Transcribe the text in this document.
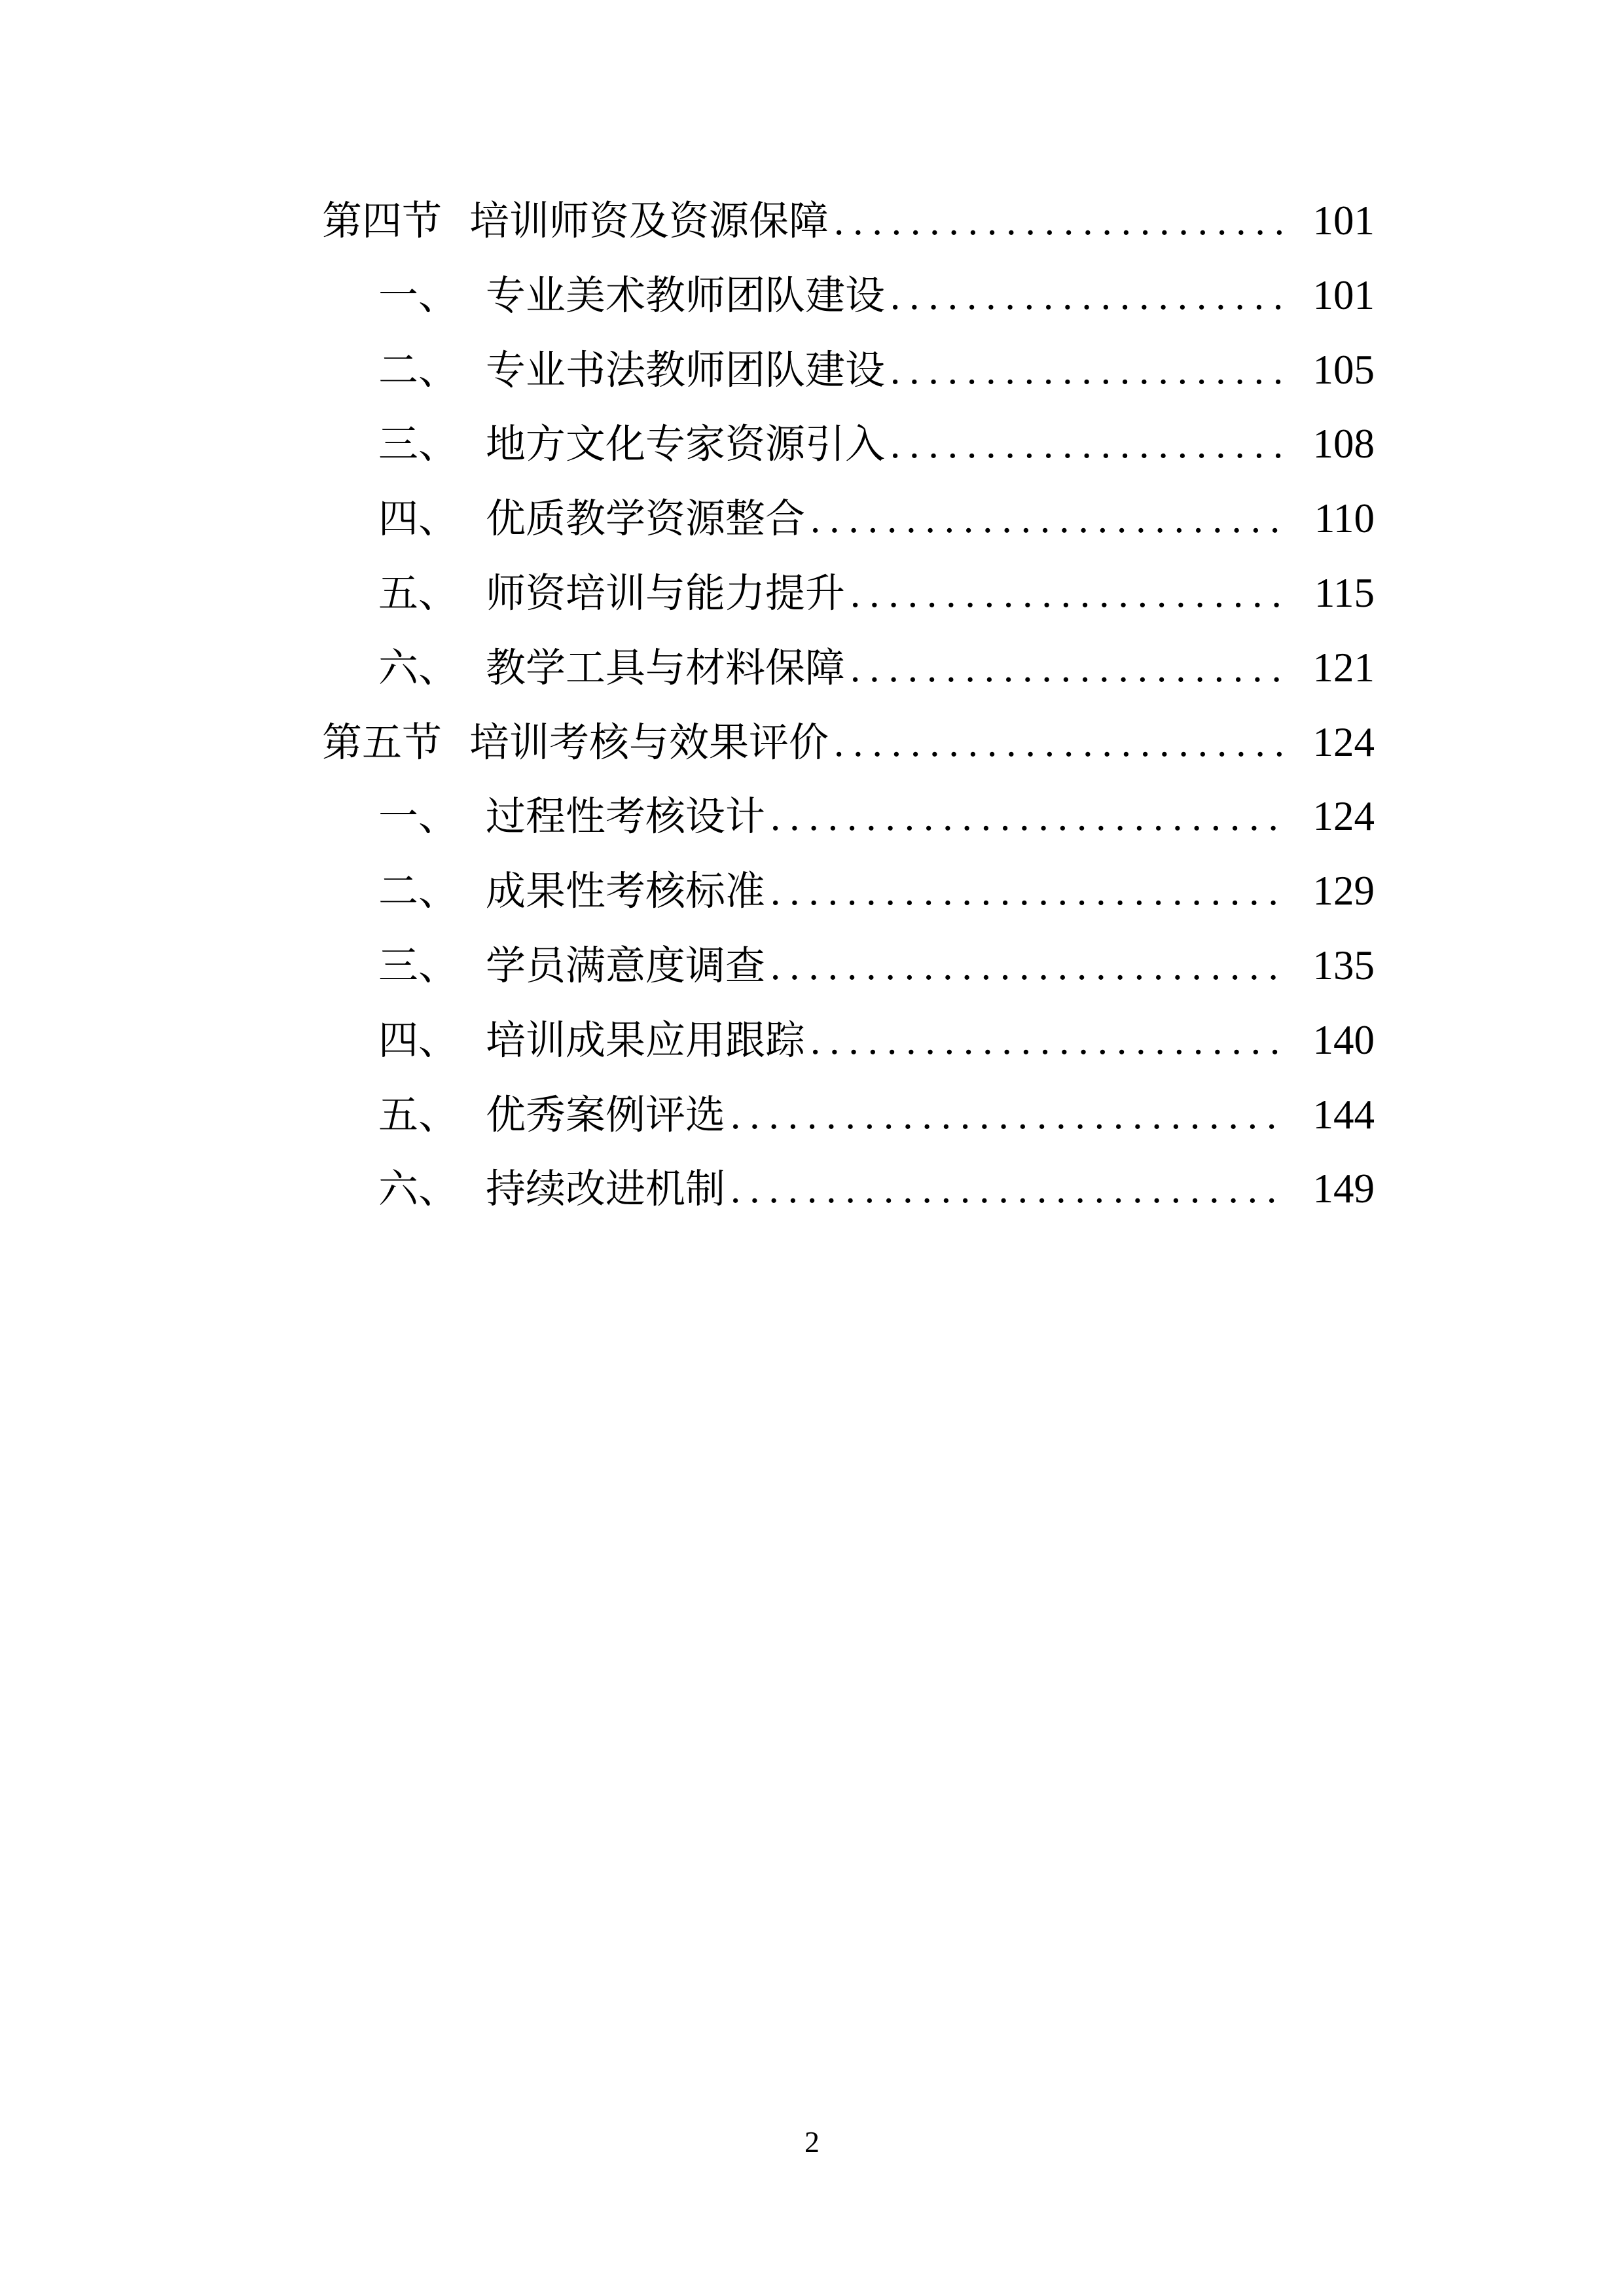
第四节 培训师资及资源保障 .....	101
一、 专业美术教师团队建设 .....	101
二、 专业书法教师团队建设 .....	105
三、 地方文化专家资源引入 .....	108
四、 优质教学资源整合 .....	110
五、 师资培训与能力提升 .....	115
六、 教学工具与材料保障 .....	121
第五节 培训考核与效果评价 .....	124
一、 过程性考核设计 .....	124
二、 成果性考核标准 .....	129
三、 学员满意度调查 .....	135
四、 培训成果应用跟踪 .....	140
五、 优秀案例评选 .....	144
六、 持续改进机制 .....	149
2
